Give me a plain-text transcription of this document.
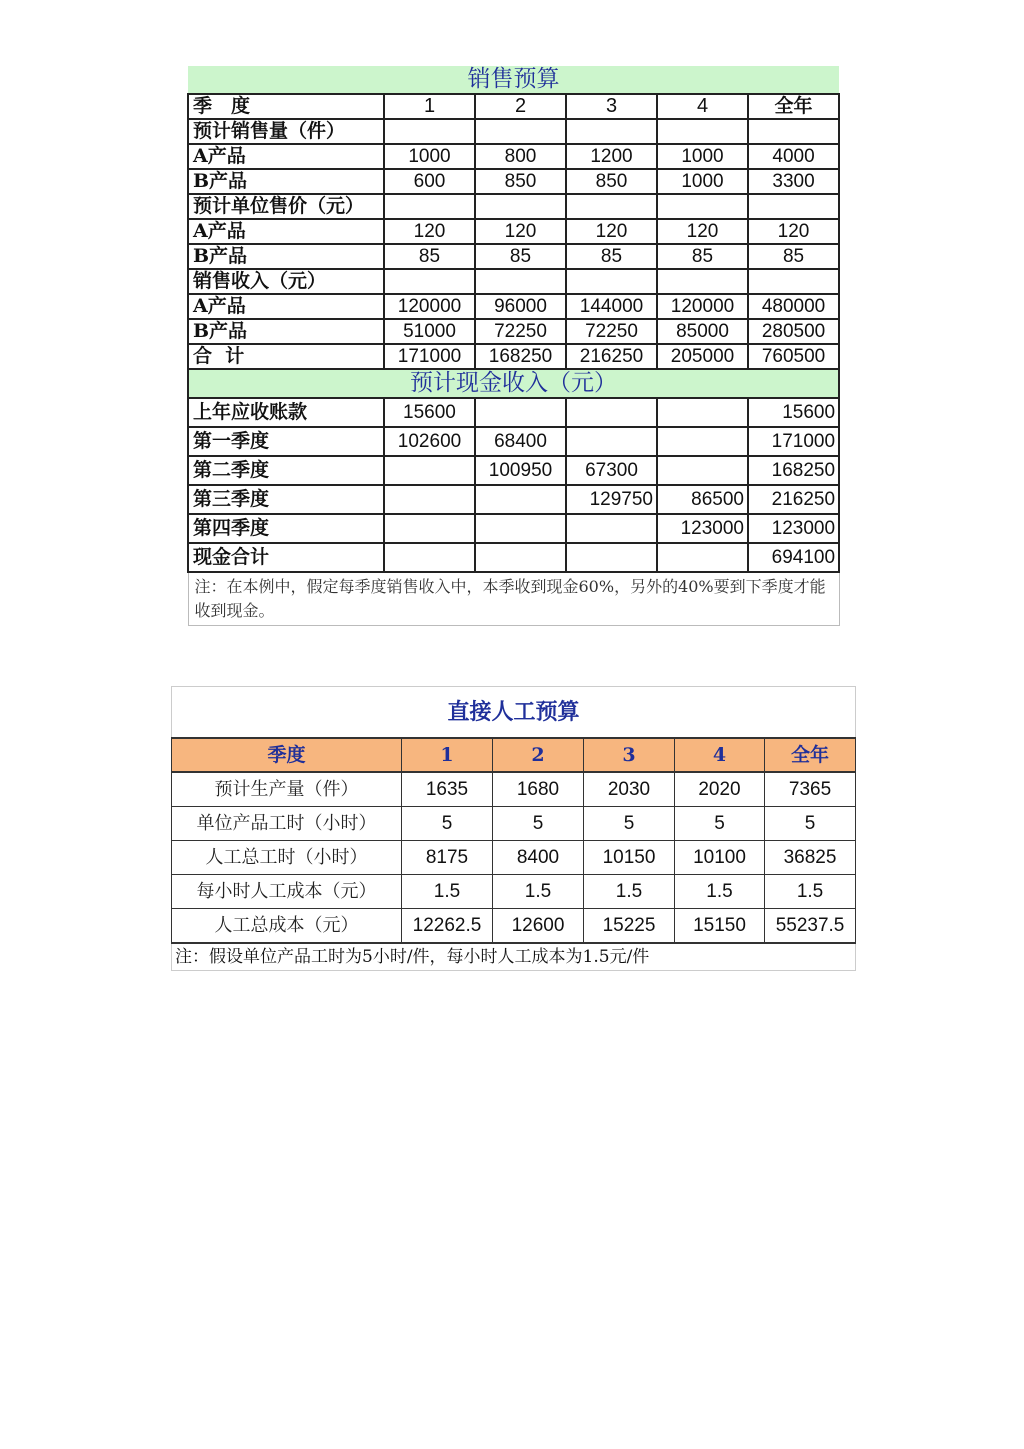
销售预算					
季　度	1	2	3	4	全年
预计销售量（件）					
A产品	1000	800	1200	1000	4000
B产品	600	850	850	1000	3300
预计单位售价（元）					
A产品	120	120	120	120	120
B产品	85	85	85	85	85
销售收入（元）					
A产品	120000	96000	144000	120000	480000
B产品	51000	72250	72250	85000	280500
合  计	171000	168250	216250	205000	760500
预计现金收入（元）					
上年应收账款	15600				15600
第一季度	102600	68400			171000
第二季度		100950	67300		168250
第三季度			129750	86500	216250
第四季度				123000	123000
现金合计					694100
注：在本例中，假定每季度销售收入中，本季收到现金60%，另外的40%要到下季度才能收到现金。					
直接人工预算					
季度	1	2	3	4	全年
预计生产量（件）	1635	1680	2030	2020	7365
单位产品工时（小时）	5	5	5	5	5
人工总工时（小时）	8175	8400	10150	10100	36825
每小时人工成本（元）	1.5	1.5	1.5	1.5	1.5
人工总成本（元）	12262.5	12600	15225	15150	55237.5
注：假设单位产品工时为5小时/件，每小时人工成本为1.5元/件					
